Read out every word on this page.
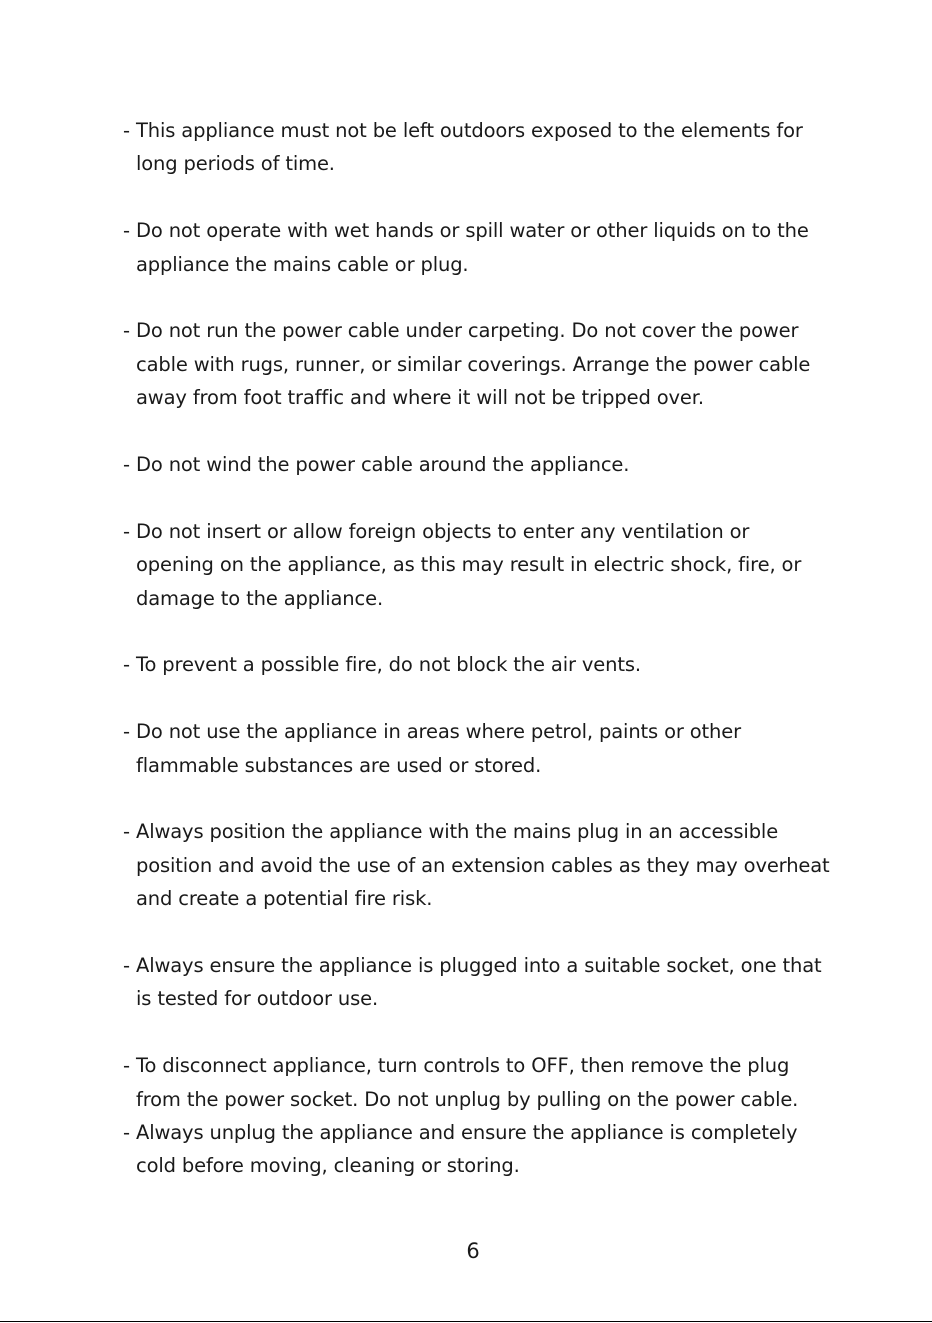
- This appliance must not be left outdoors exposed to the elements for
long periods of time.
- Do not operate with wet hands or spill water or other liquids on to the
appliance the mains cable or plug.
- Do not run the power cable under carpeting. Do not cover the power
cable with rugs, runner, or similar coverings. Arrange the power cable
away from foot traffic and where it will not be tripped over.
- Do not wind the power cable around the appliance.
- Do not insert or allow foreign objects to enter any ventilation or
opening on the appliance, as this may result in electric shock, fire, or
damage to the appliance.
- To prevent a possible fire, do not block the air vents.
- Do not use the appliance in areas where petrol, paints or other
flammable substances are used or stored.
- Always position the appliance with the mains plug in an accessible
position and avoid the use of an extension cables as they may overheat
and create a potential fire risk.
- Always ensure the appliance is plugged into a suitable socket, one that
is tested for outdoor use.
- To disconnect appliance, turn controls to OFF, then remove the plug
from the power socket. Do not unplug by pulling on the power cable.
- Always unplug the appliance and ensure the appliance is completely
cold before moving, cleaning or storing.
6
